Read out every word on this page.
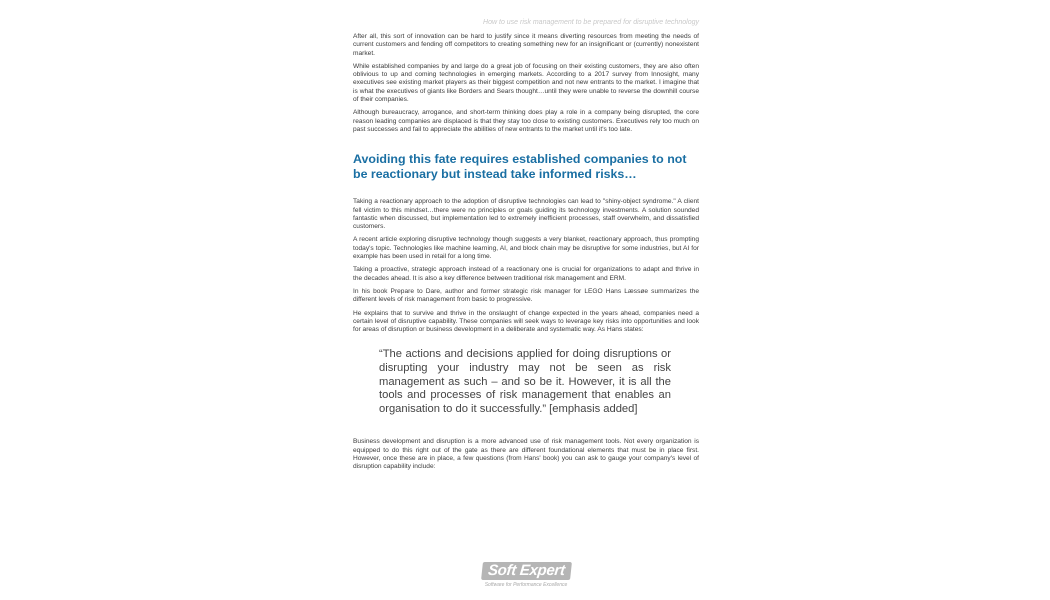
How to use risk management to be prepared for disruptive technology

After all, this sort of innovation can be hard to justify since it means diverting resources from meeting the needs of current customers and fending off competitors to creating something new for an insignificant or (currently) nonexistent market.

While established companies by and large do a great job of focusing on their existing customers, they are also often oblivious to up and coming technologies in emerging markets. According to a 2017 survey from Innosight, many executives see existing market players as their biggest competition and not new entrants to the market. I imagine that is what the executives of giants like Borders and Sears thought…until they were unable to reverse the downhill course of their companies.

Although bureaucracy, arrogance, and short-term thinking does play a role in a company being disrupted, the core reason leading companies are displaced is that they stay too close to existing customers. Executives rely too much on past successes and fail to appreciate the abilities of new entrants to the market until it's too late.

Avoiding this fate requires established companies to not be reactionary but instead take informed risks…

Taking a reactionary approach to the adoption of disruptive technologies can lead to "shiny-object syndrome." A client fell victim to this mindset…there were no principles or goals guiding its technology investments. A solution sounded fantastic when discussed, but implementation led to extremely inefficient processes, staff overwhelm, and dissatisfied customers.

A recent article exploring disruptive technology though suggests a very blanket, reactionary approach, thus prompting today's topic. Technologies like machine learning, AI, and block chain may be disruptive for some industries, but AI for example has been used in retail for a long time.

Taking a proactive, strategic approach instead of a reactionary one is crucial for organizations to adapt and thrive in the decades ahead. It is also a key difference between traditional risk management and ERM.

In his book Prepare to Dare, author and former strategic risk manager for LEGO Hans Læssøe summarizes the different levels of risk management from basic to progressive.

He explains that to survive and thrive in the onslaught of change expected in the years ahead, companies need a certain level of disruptive capability. These companies will seek ways to leverage key risks into opportunities and look for areas of disruption or business development in a deliberate and systematic way. As Hans states:

“The actions and decisions applied for doing disruptions or disrupting your industry may not be seen as risk management as such – and so be it. However, it is all the tools and processes of risk management that enables an organisation to do it successfully.” [emphasis added]

Business development and disruption is a more advanced use of risk management tools. Not every organization is equipped to do this right out of the gate as there are different foundational elements that must be in place first. However, once these are in place, a few questions (from Hans' book) you can ask to gauge your company's level of disruption capability include:

Soft Expert
Software for Performance Excellence
